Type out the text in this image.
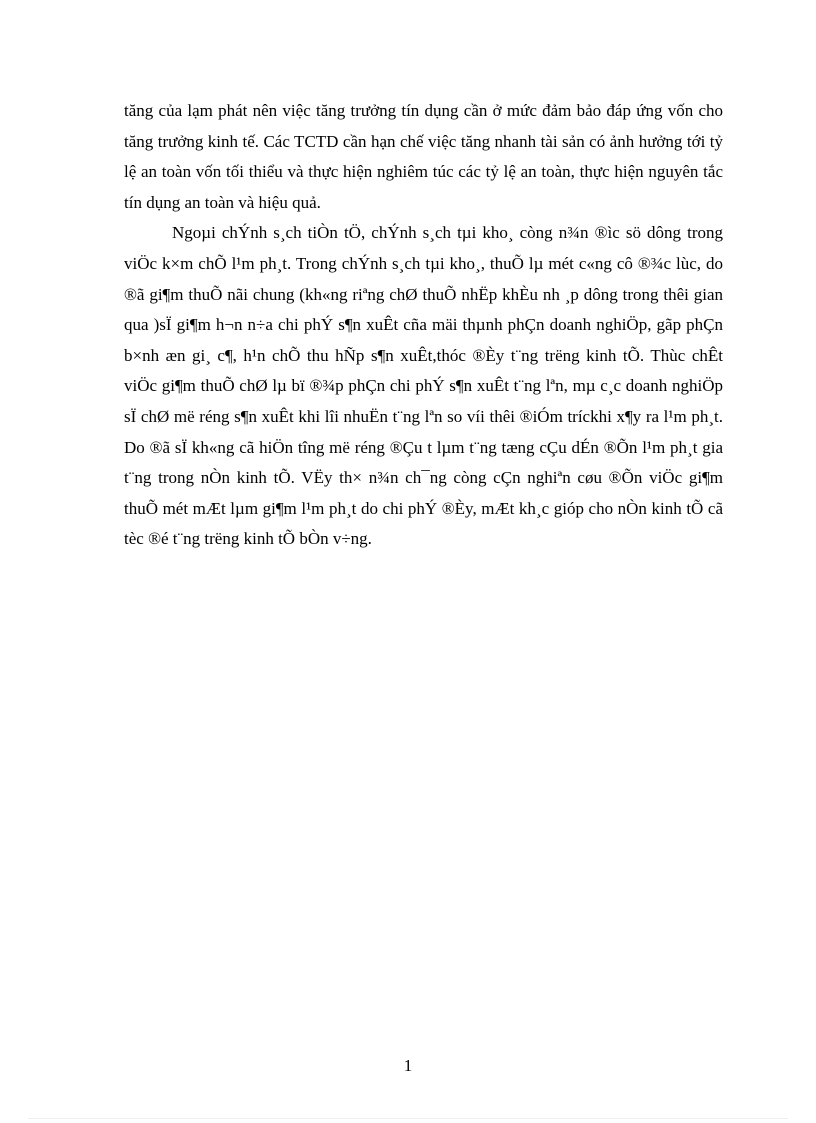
tăng của lạm phát nên việc tăng trưởng tín dụng cần ở mức đảm bảo đáp ứng vốn cho tăng trưởng kinh tế. Các TCTD cần hạn chế việc tăng nhanh tài sản có ảnh hưởng tới tỷ lệ an toàn vốn tối thiểu và thực hiện nghiêm túc các tỷ lệ an toàn, thực hiện nguyên tắc tín dụng an toàn và hiệu quả.

Ngoµi chÝnh s¸ch tiÒn tÖ, chÝnh s¸ch tµi kho¸ còng n¾n ®ìc sö dông trong viÖc k×m chÕ l¹m ph¸t. Trong chÝnh s¸ch tµi kho¸, thuÕ lµ mét c«ng cô ®¾c lùc, do ®ã gi¶m thuÕ nãi chung (kh«ng riªng chØ thuÕ nhËp khÈu nh ¸p dông trong thêi gian qua )sÏ gi¶m h¬n n÷a chi phÝ s¶n xuÊt cña mäi thµnh phÇn doanh nghiÖp, gãp phÇn b×nh æn gi¸ c¶, h¹n chÕ thu hÑp s¶n xuÊt,thóc ®Èy t¨ng trëng kinh tÕ. Thùc chÊt viÖc gi¶m thuÕ chØ lµ bï ®¾p phÇn chi phÝ s¶n xuÊt t¨ng lªn, mµ c¸c doanh nghiÖp sÏ chØ më réng s¶n xuÊt khi lîi nhuËn t¨ng lªn so víi thêi ®iÓm tríckhi x¶y ra l¹m ph¸t. Do ®ã sÏ kh«ng cã hiÖn tîng më réng ®Çu t lµm t¨ng tæng cÇu dÉn ®Õn l¹m ph¸t gia t¨ng trong nÒn kinh tÕ. VËy th× n¾n ch¯ng còng cÇn nghiªn cøu ®Õn viÖc gi¶m thuÕ mét mÆt lµm gi¶m l¹m ph¸t do chi phÝ ®Èy, mÆt kh¸c gióp cho nÒn kinh tÕ cã tèc ®é t¨ng trëng kinh tÕ bÒn v÷ng.

1
